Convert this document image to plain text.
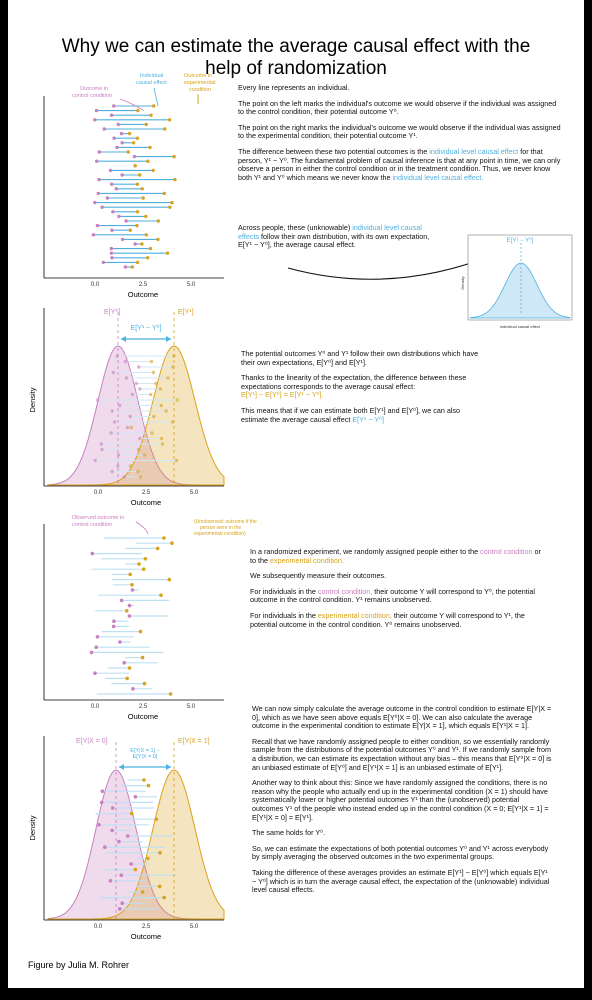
Why we can estimate the average causal effect with the
help of randomization
Outcome in
control condition
Individual
causal effect
Outcome in
experimental
condition
0.0	2.5	5.0
Outcome

Every line represents an individual.

The point on the left marks the individual's outcome we would observe if the individual was assigned to the control condition, their potential outcome Y⁰.

The point on the right marks the individual's outcome we would observe if the individual was assigned to the experimental condition, their potential outcome Y¹.

The difference between these two potential outcomes is the individual level causal effect for that person, Y¹ − Y⁰. The fundamental problem of causal inference is that at any point in time, we can only observe a person in either the control condition or in the treatment condition. Thus, we never know both Y¹ and Y⁰ which means we never know the individual level causal effect.

Across people, these (unknowable) individual level causal effects follow their own distribution, with its own expectation, E[Y¹ − Y⁰], the average causal effect.	E[Y¹ − Y⁰]
Density
individual causal effect
E[Y⁰]	E[Y¹]
E[Y¹ − Y⁰]
Density
0.0	2.5	5.0
Outcome

The potential outcomes Y⁰ and Y¹ follow their own distributions which have their own expectations, E[Y⁰] and E[Y¹].

Thanks to the linearity of the expectation, the difference between these expectations corresponds to the average causal effect:
E[Y¹] − E[Y⁰] = E[Y¹ − Y⁰].

This means that if we can estimate both E[Y¹] and E[Y⁰], we can also estimate the average causal effect E[Y¹ − Y⁰]

Observed outcome in
control condition	(Unobserved: outcome if the
person were in the
experimental condition)
0.0	2.5	5.0
Outcome

In a randomized experiment, we randomly assigned people either to the control condition or to the experimental condition.

We subsequently measure their outcomes.

For individuals in the control condition, their outcome Y will correspond to Y⁰, the potential outcome in the control condition. Y¹ remains unobserved.

For individuals in the experimental condition, their outcome Y will correspond to Y¹, the potential outcome in the control condition. Y⁰ remains unobserved.

E[Y|X = 0]	E[Y|X = 1]
E[Y|X = 1] −
E[Y|X = 0]
Density
0.0	2.5	5.0
Outcome

We can now simply calculate the average outcome in the control condition to estimate E[Y|X = 0], which as we have seen above equals E[Y⁰|X = 0]. We can also calculate the average outcome in the experimental condition to estimate E[Y|X = 1], which equals E[Y¹|X = 1].

Recall that we have randomly assigned people to either condition, so we essentially randomly sample from the distributions of the potential outcomes Y⁰ and Y¹. If we randomly sample from a distribution, we can estimate its expectation without any bias – this means that E[Y⁰|X = 0] is an unbiased estimate of E[Y⁰] and E[Y¹|X = 1] is an unbiased estimate of E[Y¹].

Another way to think about this: Since we have randomly assigned the conditions, there is no reason why the people who actually end up in the experimental condition (X = 1) should have systematically lower or higher potential outcomes Y¹ than the (unobserved) potential outcomes Y¹ of the people who instead ended up in the control condition (X = 0; E[Y¹|X = 1] = E[Y¹|X = 0] = E[Y¹].

The same holds for Y⁰.

So, we can estimate the expectations of both potential outcomes Y⁰ and Y¹ across everybody by simply averaging the observed outcomes in the two experimental groups.

Taking the difference of these averages provides an estimate E[Y¹] − E[Y⁰] which equals E[Y¹ − Y⁰] which is in turn the average causal effect, the expectation of the (unknowable) individual level causal effects.

Figure by Julia M. Rohrer
